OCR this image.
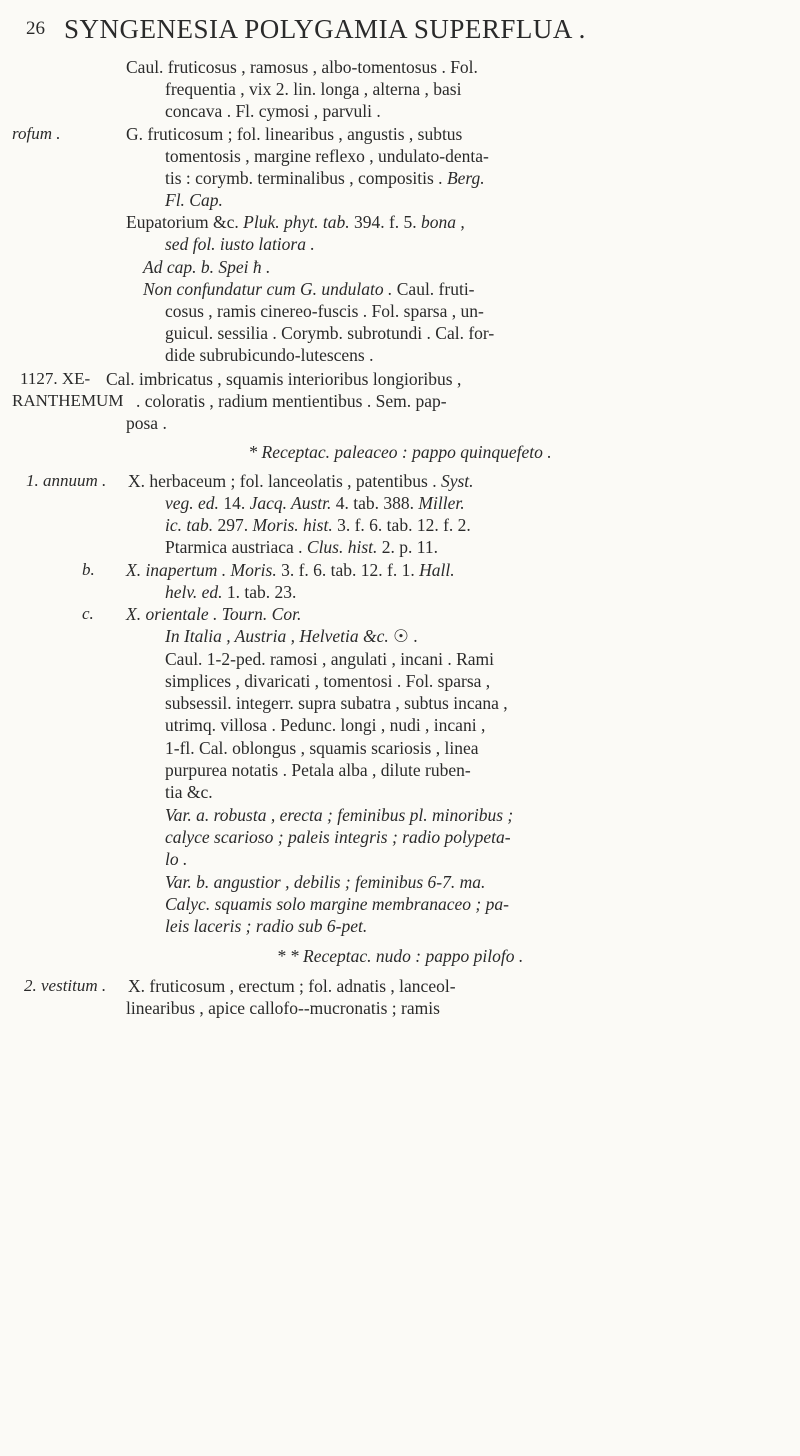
26 SYNGENESIA POLYGAMIA SUPERFLUA .
Caul. fruticosus , ramosus , albo-tomentosus . Fol.
frequentia , vix 2. lin. longa , alterna , basi
concava . Fl. cymosi , parvuli .
rofum .	G. fruticosum ; fol. linearibus , angustis , subtus
tomentosis , margine reflexo , undulato-denta-
tis : corymb. terminalibus , compositis . Berg.
Fl. Cap.
Eupatorium &c. Pluk. phyt. tab. 394. f. 5. bona ,
sed fol. iusto latiora .
Ad cap. b. Spei ħ .
Non confundatur cum G. undulato . Caul. fruti-
cosus , ramis cinereo-fuscis . Fol. sparsa , un-
guicul. sessilia . Corymb. subrotundi . Cal. for-
dide subrubicundo-lutescens .
1127. XE- Cal. imbricatus , squamis interioribus longioribus ,
RANTHEMUM . coloratis , radium mentientibus . Sem. pap-
posa .
* Receptac. paleaceo : pappo quinquefeto .
1. annuum . X. herbaceum ; fol. lanceolatis , patentibus . Syst.
veg. ed. 14. Jacq. Austr. 4. tab. 388. Miller.
ic. tab. 297. Moris. hist. 3. f. 6. tab. 12. f. 2.
Ptarmica austriaca . Clus. hist. 2. p. 11.
b. X. inapertum . Moris. 3. f. 6. tab. 12. f. 1. Hall.
helv. ed. 1. tab. 23.
c. X. orientale . Tourn. Cor.
In Italia , Austria , Helvetia &c. ☉ .
Caul. 1-2-ped. ramosi , angulati , incani . Rami
simplices , divaricati , tomentosi . Fol. sparsa ,
subsessil. integerr. supra subatra , subtus incana ,
utrimq. villosa . Pedunc. longi , nudi , incani ,
1-fl. Cal. oblongus , squamis scariosis , linea
purpurea notatis . Petala alba , dilute ruben-
tia &c.
Var. a. robusta , erecta ; feminibus pl. minoribus ;
calyce scarioso ; paleis integris ; radio polypeta-
lo .
Var. b. angustior , debilis ; feminibus 6-7. ma.
Calyc. squamis solo margine membranaceo ; pa-
leis laceris ; radio sub 6-pet.
* * Receptac. nudo : pappo pilofo .
2. vestitum . X. fruticosum , erectum ; fol. adnatis , lanceol-
linearibus , apice callofo--mucronatis ; ramis
